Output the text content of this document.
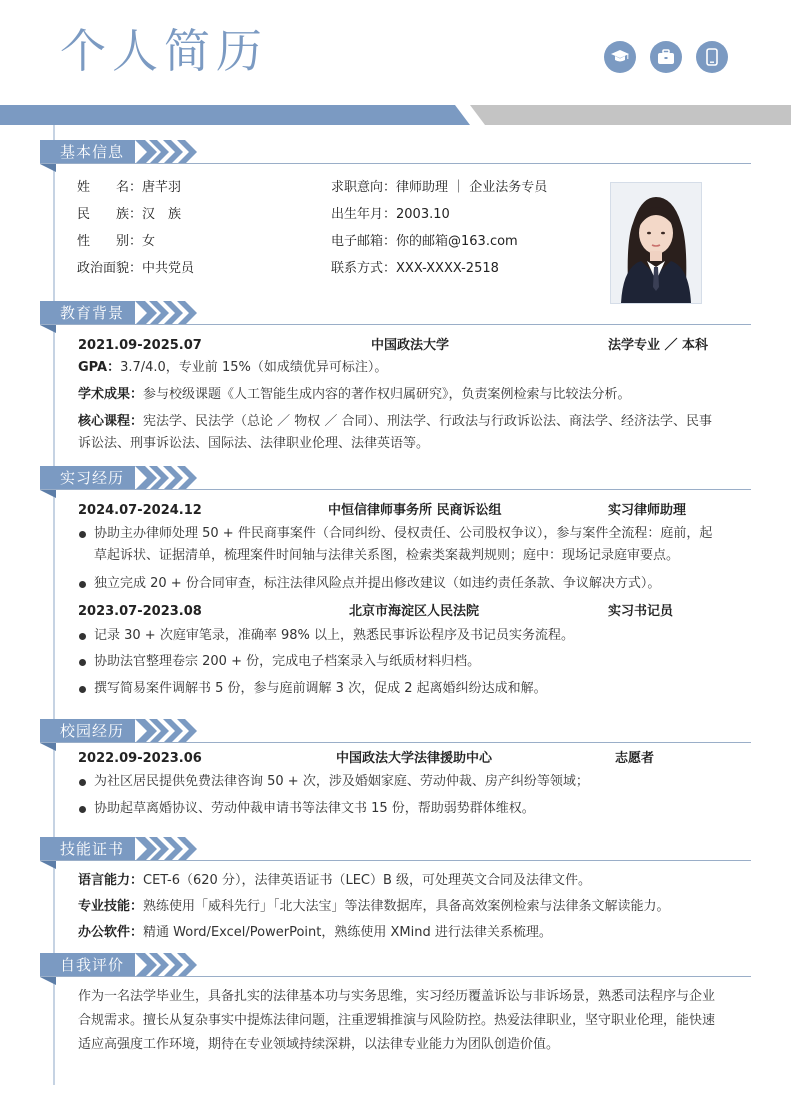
个人简历
基本信息
姓　　名：唐芊羽
民　　族：汉　族
性　　别：女
政治面貌：中共党员
求职意向：律师助理 ｜ 企业法务专员
出生年月：2003.10
电子邮箱：你的邮箱@163.com
联系方式：XXX-XXXX-2518
教育背景
2021.09-2025.07	中国政法大学	法学专业 ／ 本科
GPA：3.7/4.0，专业前 15%（如成绩优异可标注）。
学术成果：参与校级课题《人工智能生成内容的著作权归属研究》，负责案例检索与比较法分析。
核心课程：宪法学、民法学（总论 ／ 物权 ／ 合同）、刑法学、行政法与行政诉讼法、商法学、经济法学、民事
诉讼法、刑事诉讼法、国际法、法律职业伦理、法律英语等。
实习经历
2024.07-2024.12	中恒信律师事务所 民商诉讼组	实习律师助理
协助主办律师处理 50 + 件民商事案件（合同纠纷、侵权责任、公司股权争议），参与案件全流程：庭前，起
草起诉状、证据清单，梳理案件时间轴与法律关系图，检索类案裁判规则；庭中：现场记录庭审要点。
独立完成 20 + 份合同审查，标注法律风险点并提出修改建议（如违约责任条款、争议解决方式）。
2023.07-2023.08	北京市海淀区人民法院	实习书记员
记录 30 + 次庭审笔录，准确率 98% 以上，熟悉民事诉讼程序及书记员实务流程。
协助法官整理卷宗 200 + 份，完成电子档案录入与纸质材料归档。
撰写简易案件调解书 5 份，参与庭前调解 3 次，促成 2 起离婚纠纷达成和解。
校园经历
2022.09-2023.06	中国政法大学法律援助中心	志愿者
为社区居民提供免费法律咨询 50 + 次，涉及婚姻家庭、劳动仲裁、房产纠纷等领域；
协助起草离婚协议、劳动仲裁申请书等法律文书 15 份，帮助弱势群体维权。
技能证书
语言能力：CET-6（620 分），法律英语证书（LEC）B 级，可处理英文合同及法律文件。
专业技能：熟练使用「威科先行」「北大法宝」等法律数据库，具备高效案例检索与法律条文解读能力。
办公软件：精通 Word/Excel/PowerPoint，熟练使用 XMind 进行法律关系梳理。
自我评价
作为一名法学毕业生，具备扎实的法律基本功与实务思维，实习经历覆盖诉讼与非诉场景，熟悉司法程序与企业
合规需求。擅长从复杂事实中提炼法律问题，注重逻辑推演与风险防控。热爱法律职业，坚守职业伦理，能快速
适应高强度工作环境，期待在专业领域持续深耕，以法律专业能力为团队创造价值。
